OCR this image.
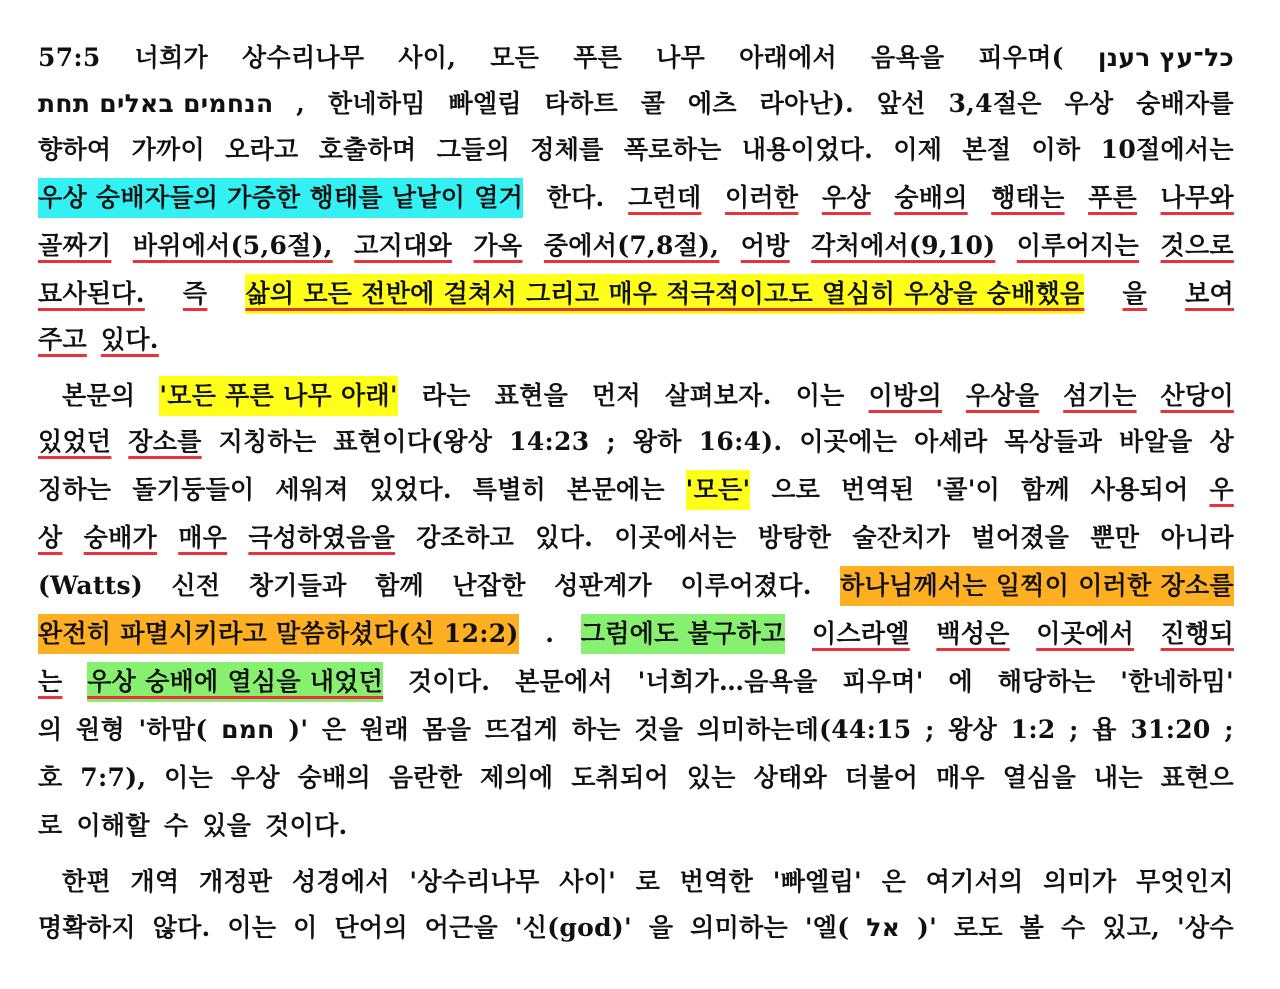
57:5 너희가 상수리나무 사이, 모든 푸른 나무 아래에서 음욕을 피우며( כל־עץ רענן
הנחמים באלים תחת , 한네하밈 빠엘림 타하트 콜 에츠 라아난). 앞선 3,4절은 우상 숭배자를
향하여 가까이 오라고 호출하며 그들의 정체를 폭로하는 내용이었다. 이제 본절 이하 10절에서는
우상 숭배자들의 가증한 행태를 낱낱이 열거 한다. 그런데 이러한 우상 숭배의 행태는 푸른 나무와
골짜기 바위에서(5,6절), 고지대와 가옥 중에서(7,8절), 어방 각처에서(9,10) 이루어지는 것으로
묘사된다. 즉 삶의 모든 전반에 걸쳐서 그리고 매우 적극적이고도 열심히 우상을 숭배했음 을 보여
주고 있다.
본문의 '모든 푸른 나무 아래' 라는 표현을 먼저 살펴보자. 이는 이방의 우상을 섬기는 산당이
있었던 장소를 지칭하는 표현이다(왕상 14:23 ; 왕하 16:4). 이곳에는 아세라 목상들과 바알을 상
징하는 돌기둥들이 세워져 있었다. 특별히 본문에는 '모든' 으로 번역된 '콜'이 함께 사용되어 우
상 숭배가 매우 극성하였음을 강조하고 있다. 이곳에서는 방탕한 술잔치가 벌어졌을 뿐만 아니라
(Watts) 신전 창기들과 함께 난잡한 성판계가 이루어졌다. 하나님께서는 일찍이 이러한 장소를
완전히 파멸시키라고 말씀하셨다(신 12:2) . 그럼에도 불구하고 이스라엘 백성은 이곳에서 진행되
는 우상 숭배에 열심을 내었던 것이다. 본문에서 '너희가…음욕을 피우며' 에 해당하는 '한네하밈'
의 원형 '하맘( חמם )' 은 원래 몸을 뜨겁게 하는 것을 의미하는데(44:15 ; 왕상 1:2 ; 욥 31:20 ;
호 7:7), 이는 우상 숭배의 음란한 제의에 도취되어 있는 상태와 더불어 매우 열심을 내는 표현으
로 이해할 수 있을 것이다.
한편 개역 개정판 성경에서 '상수리나무 사이' 로 번역한 '빠엘림' 은 여기서의 의미가 무엇인지
명확하지 않다. 이는 이 단어의 어근을 '신(god)' 을 의미하는 '엘( אל )' 로도 볼 수 있고, '상수
